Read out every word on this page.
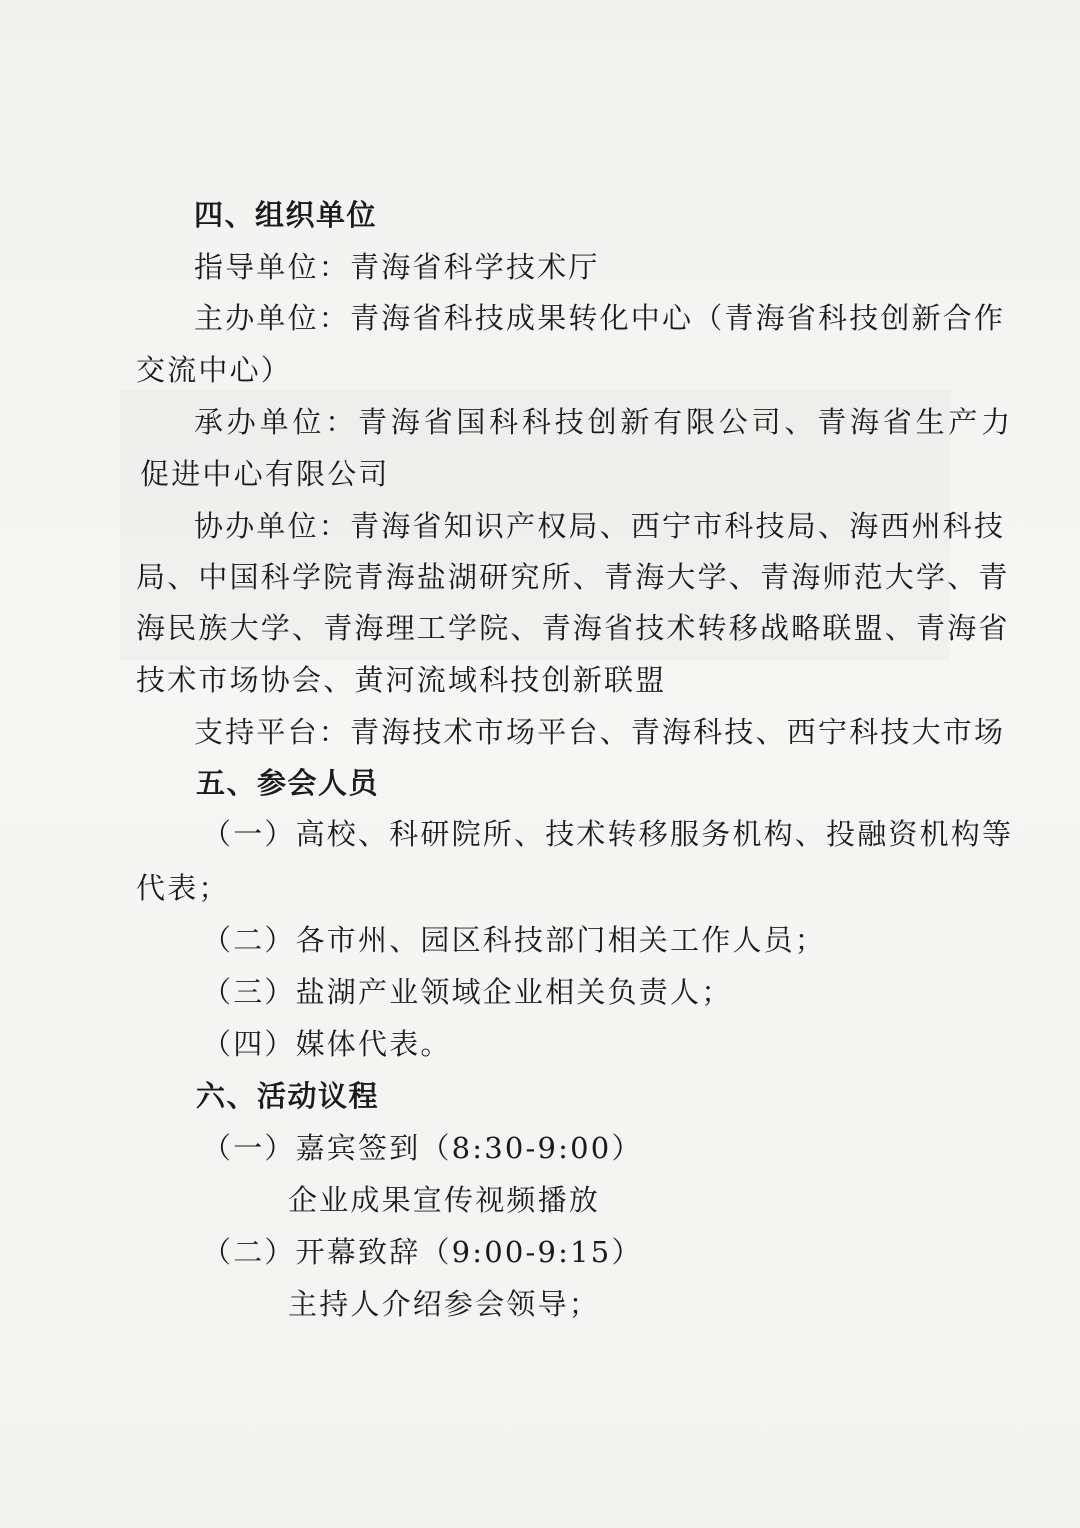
四、组织单位

指导单位：青海省科学技术厅

主办单位：青海省科技成果转化中心（青海省科技创新合作

交流中心）

承办单位：青海省国科科技创新有限公司、青海省生产力

促进中心有限公司

协办单位：青海省知识产权局、西宁市科技局、海西州科技

局、中国科学院青海盐湖研究所、青海大学、青海师范大学、青

海民族大学、青海理工学院、青海省技术转移战略联盟、青海省

技术市场协会、黄河流域科技创新联盟

支持平台：青海技术市场平台、青海科技、西宁科技大市场

五、参会人员

（一）高校、科研院所、技术转移服务机构、投融资机构等

代表；

（二）各市州、园区科技部门相关工作人员；

（三）盐湖产业领域企业相关负责人；

（四）媒体代表。

六、活动议程

（一）嘉宾签到（8:30-9:00）

企业成果宣传视频播放

（二）开幕致辞（9:00-9:15）

主持人介绍参会领导；
